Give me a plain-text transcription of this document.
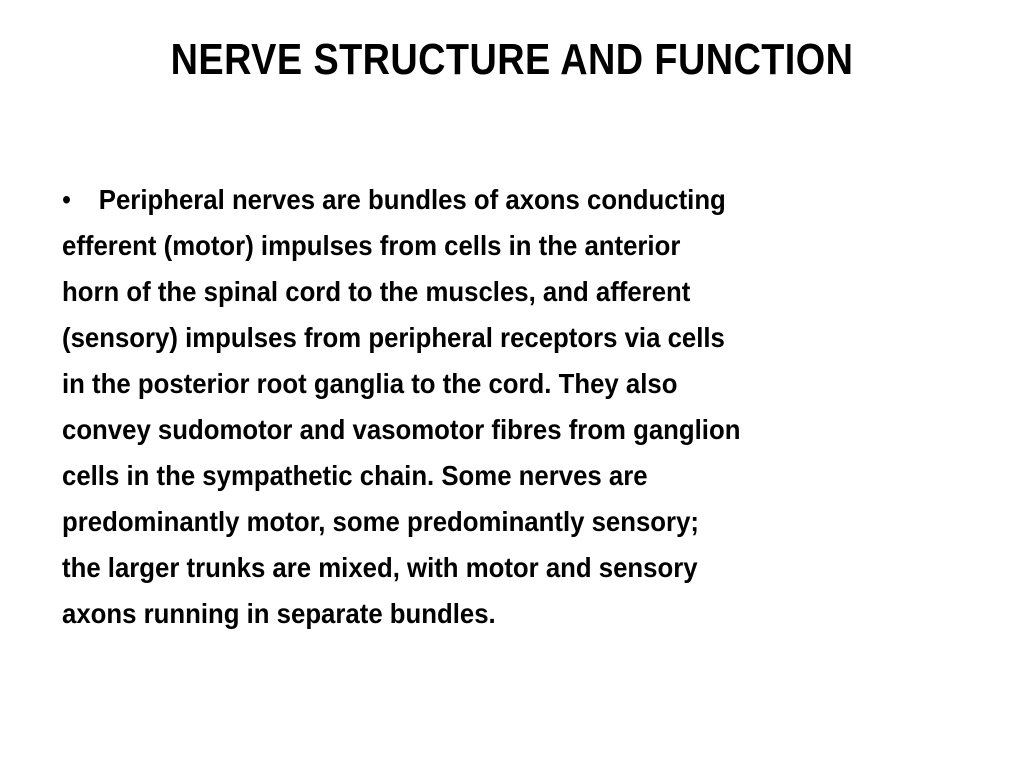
NERVE STRUCTURE AND FUNCTION

• Peripheral nerves are bundles of axons conducting
efferent (motor) impulses from cells in the anterior
horn of the spinal cord to the muscles, and afferent
(sensory) impulses from peripheral receptors via cells
in the posterior root ganglia to the cord. They also
convey sudomotor and vasomotor fibres from ganglion
cells in the sympathetic chain. Some nerves are
predominantly motor, some predominantly sensory;
the larger trunks are mixed, with motor and sensory
axons running in separate bundles.
